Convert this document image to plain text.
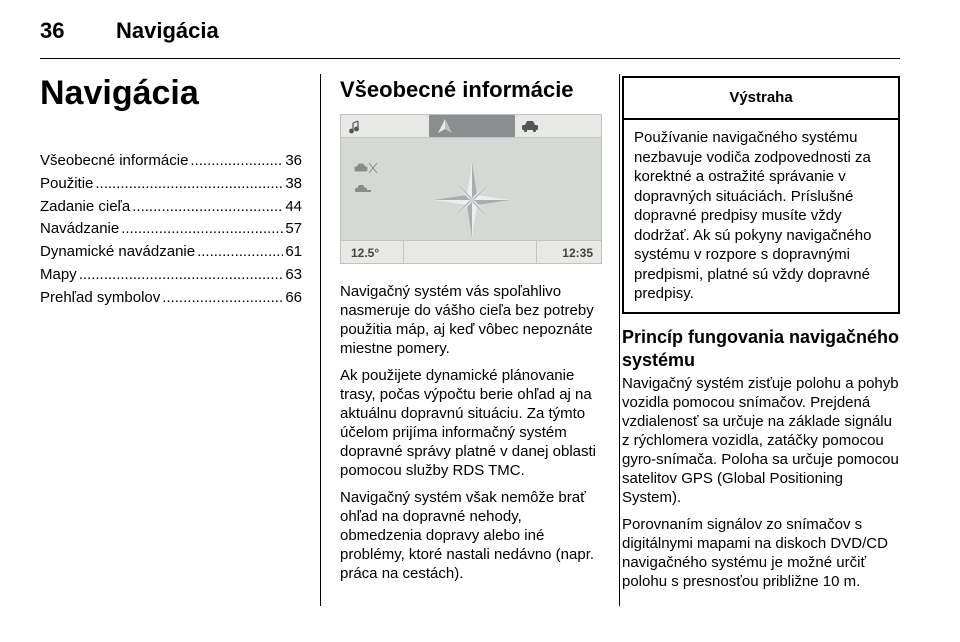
36 Navigácia
Navigácia
Všeobecné informácie .....	36
Použitie .....	38
Zadanie cieľa .....	44
Navádzanie .....	57
Dynamické navádzanie .....	61
Mapy .....	63
Prehľad symbolov .....	66
Všeobecné informácie
12.5°	12:35

Navigačný systém vás spoľahlivo nasmeruje do vášho cieľa bez potreby použitia máp, aj keď vôbec nepoznáte miestne pomery.

Ak použijete dynamické plánovanie trasy, počas výpočtu berie ohľad aj na aktuálnu dopravnú situáciu. Za týmto účelom prijíma informačný systém dopravné správy platné v danej oblasti pomocou služby RDS TMC.

Navigačný systém však nemôže brať ohľad na dopravné nehody, obmedzenia dopravy alebo iné problémy, ktoré nastali nedávno (napr. práca na cestách).

Výstraha
Používanie navigačného systému nezbavuje vodiča zodpovednosti za korektné a ostražité správanie v dopravných situáciách. Príslušné dopravné predpisy musíte vždy dodržať. Ak sú pokyny navigačného systému v rozpore s dopravnými predpismi, platné sú vždy dopravné predpisy.
Princíp fungovania navigačného systému

Navigačný systém zisťuje polohu a pohyb vozidla pomocou snímačov. Prejdená vzdialenosť sa určuje na základe signálu z rýchlomera vozidla, zatáčky pomocou gyro-snímača. Poloha sa určuje pomocou satelitov GPS (Global Positioning System).

Porovnaním signálov zo snímačov s digitálnymi mapami na diskoch DVD/CD navigačného systému je možné určiť polohu s presnosťou približne 10 m.
